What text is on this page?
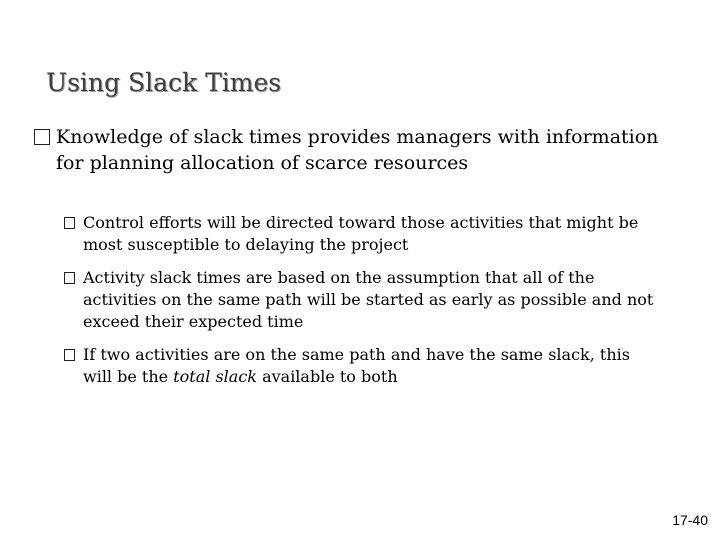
Using Slack Times
Knowledge of slack times provides managers with information for planning allocation of scarce resources
Control efforts will be directed toward those activities that might be most susceptible to delaying the project
Activity slack times are based on the assumption that all of the activities on the same path will be started as early as possible and not exceed their expected time
If two activities are on the same path and have the same slack, this will be the total slack available to both
17-40
